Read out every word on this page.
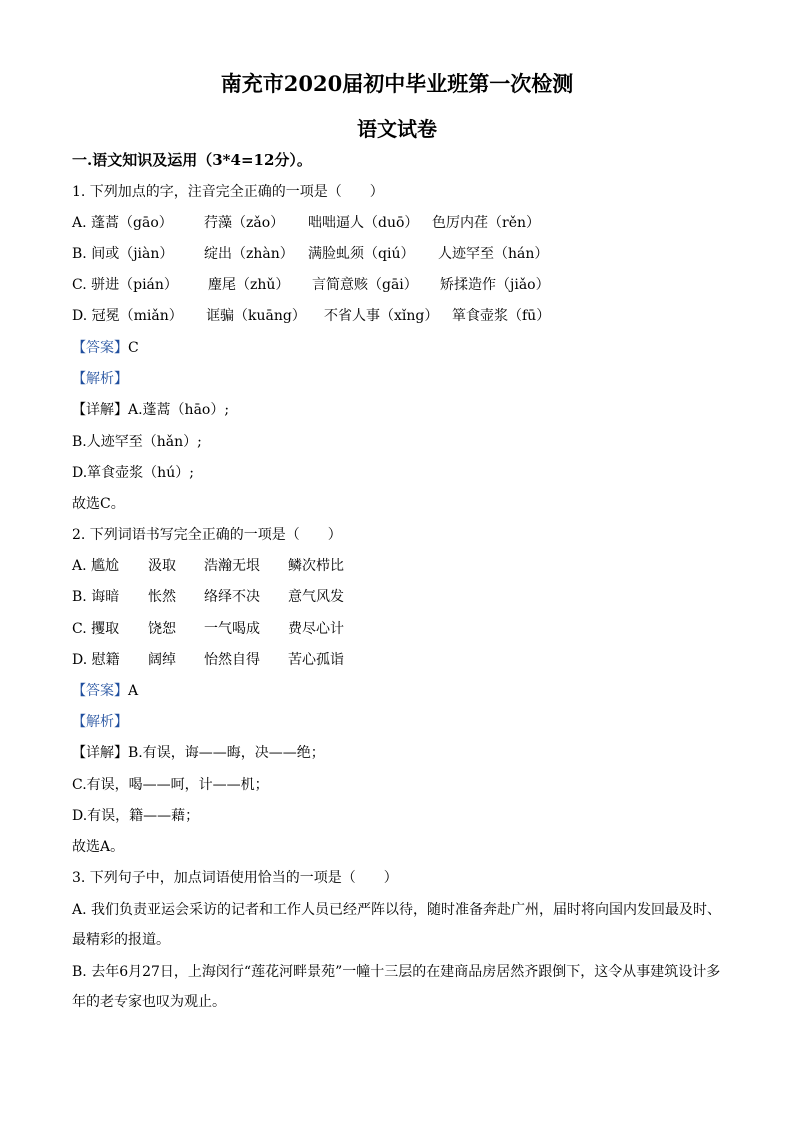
南充市2020届初中毕业班第一次检测
语文试卷
一.语文知识及运用（3*4=12分）。
1. 下列加点的字，注音完全正确的一项是（　　）
A. 蓬蒿（gāo） 荇藻（zǎo） 咄咄逼人（duō） 色厉内荏（rěn）
B. 间或（jiàn） 绽出（zhàn） 满脸虬须（qiú） 人迹罕至（hán）
C. 骈进（pián） 麈尾（zhǔ） 言简意赅（gāi） 矫揉造作（jiǎo）
D. 冠冕（miǎn） 诓骗（kuāng） 不省人事（xǐng） 箪食壶浆（fū）
【答案】C
【解析】
【详解】A.蓬蒿（hāo）;
B.人迹罕至（hǎn）;
D.箪食壶浆（hú）;
故选C。
2. 下列词语书写完全正确的一项是（　　）
A. 尴尬 汲取 浩瀚无垠 鳞次栉比
B. 诲暗 怅然 络绎不决 意气风发
C. 攫取 饶恕 一气喝成 费尽心计
D. 慰籍 阔绰 怡然自得 苦心孤诣
【答案】A
【解析】
【详解】B.有误，诲——晦，决——绝；
C.有误，喝——呵，计——机；
D.有误，籍——藉；
故选A。
3. 下列句子中，加点词语使用恰当的一项是（　　）
A. 我们负责亚运会采访的记者和工作人员已经严阵以待，随时准备奔赴广州，届时将向国内发回最及时、最精彩的报道。
B. 去年6月27日，上海闵行“莲花河畔景苑”一幢十三层的在建商品房居然齐跟倒下，这令从事建筑设计多年的老专家也叹为观止。
